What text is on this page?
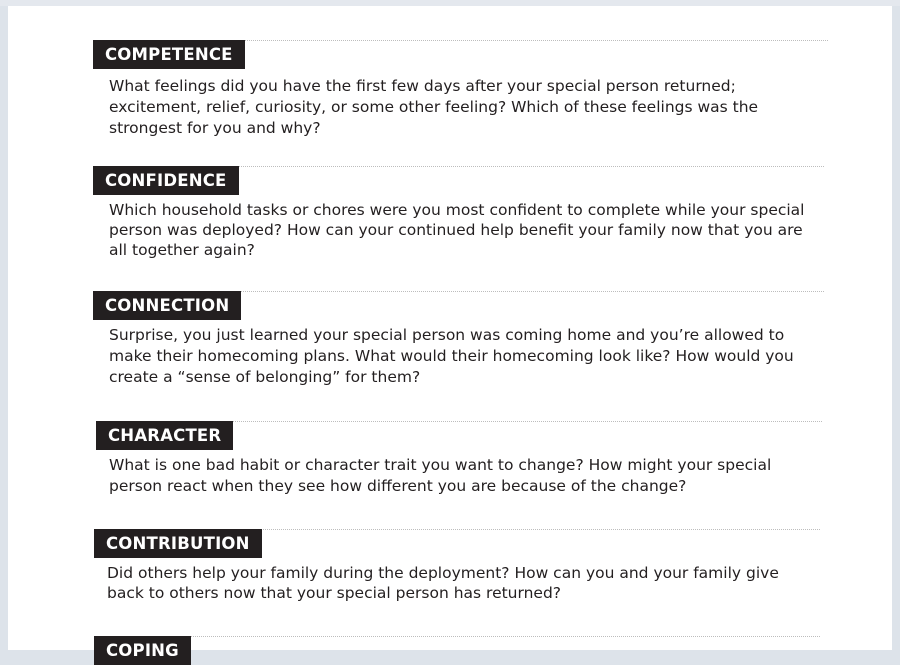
COMPETENCE

What feelings did you have the first few days after your special person returned; excitement, relief, curiosity, or some other feeling? Which of these feelings was the strongest for you and why?

CONFIDENCE

Which household tasks or chores were you most confident to complete while your special person was deployed? How can your continued help benefit your family now that you are all together again?

CONNECTION

Surprise, you just learned your special person was coming home and you’re allowed to make their homecoming plans. What would their homecoming look like? How would you create a “sense of belonging” for them?

CHARACTER

What is one bad habit or character trait you want to change? How might your special person react when they see how different you are because of the change?

CONTRIBUTION

Did others help your family during the deployment? How can you and your family give back to others now that your special person has returned?

COPING
